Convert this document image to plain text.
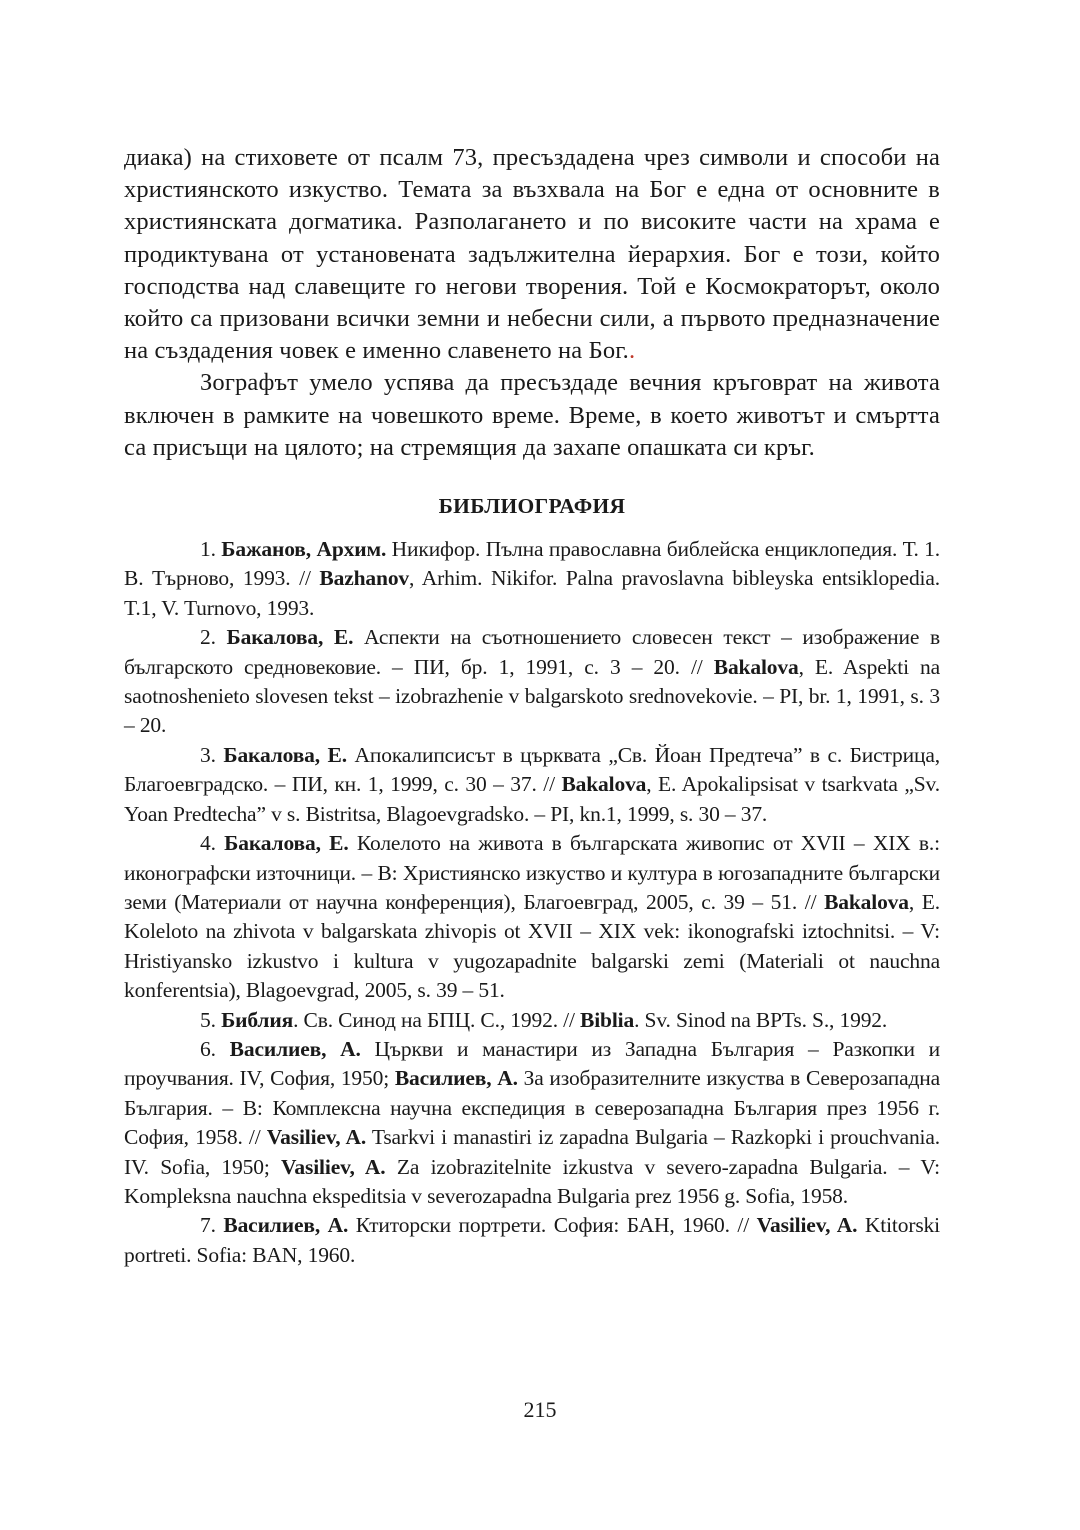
диака) на стиховете от псалм 73, пресъздадена чрез символи и способи на християнското изкуство. Темата за възхвала на Бог е една от основните в християнската догматика. Разполагането и по високите части на храма е продиктувана от установената задължителна йерархия. Бог е този, който господства над славещите го негови творения. Той е Космократорът, около който са призовани всички земни и небесни сили, а първото предназначение на създадения човек е именно славенето на Бог..

Зографът умело успява да пресъздаде вечния кръговрат на живота включен в рамките на човешкото време. Време, в което животът и смъртта са присъщи на цялото; на стремящия да захапе опашката си кръг.

БИБЛИОГРАФИЯ

1. Бажанов, Архим. Никифор. Пълна православна библейска енциклопедия. Т. 1. В. Търново, 1993. // Bazhanov, Arhim. Nikifor. Palna pravoslavna bibleyska entsiklopedia. T.1, V. Turnovo, 1993.

2. Бакалова, Е. Аспекти на съотношението словесен текст – изображение в българското средновековие. – ПИ, бр. 1, 1991, с. 3 – 20. // Bakalova, E. Aspekti na saotnoshenieto slovesen tekst – izobrazhenie v balgarskoto srednovekovie. – PI, br. 1, 1991, s. 3 – 20.

3. Бакалова, Е. Апокалипсисът в църквата „Св. Йоан Предтеча” в с. Бистрица, Благоевградско. – ПИ, кн. 1, 1999, с. 30 – 37. // Bakalova, E. Apokalipsisat v tsarkvata „Sv. Yoan Predtecha” v s. Bistritsa, Blagoevgradsko. – PI, kn.1, 1999, s. 30 – 37.

4. Бакалова, Е. Колелото на живота в българската живопис от XVII – XIX в.: иконографски източници. – В: Християнско изкуство и култура в югозападните български земи (Материали от научна конференция), Благоевград, 2005, с. 39 – 51. // Bakalova, E. Koleloto na zhivota v balgarskata zhivopis ot XVII – XIX vek: ikonografski iztochnitsi. – V: Hristiyansko izkustvo i kultura v yugozapadnite balgarski zemi (Materiali ot nauchna konferentsia), Blagoevgrad, 2005, s. 39 – 51.

5. Библия. Св. Синод на БПЦ. С., 1992. // Biblia. Sv. Sinod na BPTs. S., 1992.

6. Василиев, А. Църкви и манастири из Западна България – Разкопки и проучвания. IV, София, 1950; Василиев, А. За изобразителните изкуства в Северозападна България. – В: Комплексна научна експедиция в северозападна България през 1956 г. София, 1958. // Vasiliev, A. Tsarkvi i manastiri iz zapadna Bulgaria – Razkopki i prouchvania. IV. Sofia, 1950; Vasiliev, A. Za izobrazitelnite izkustva v severo-zapadna Bulgaria. – V: Kompleksna nauchna ekspeditsia v severozapadna Bulgaria prez 1956 g. Sofia, 1958.

7. Василиев, А. Ктиторски портрети. София: БАН, 1960. // Vasiliev, A. Ktitorski portreti. Sofia: BAN, 1960.

215
